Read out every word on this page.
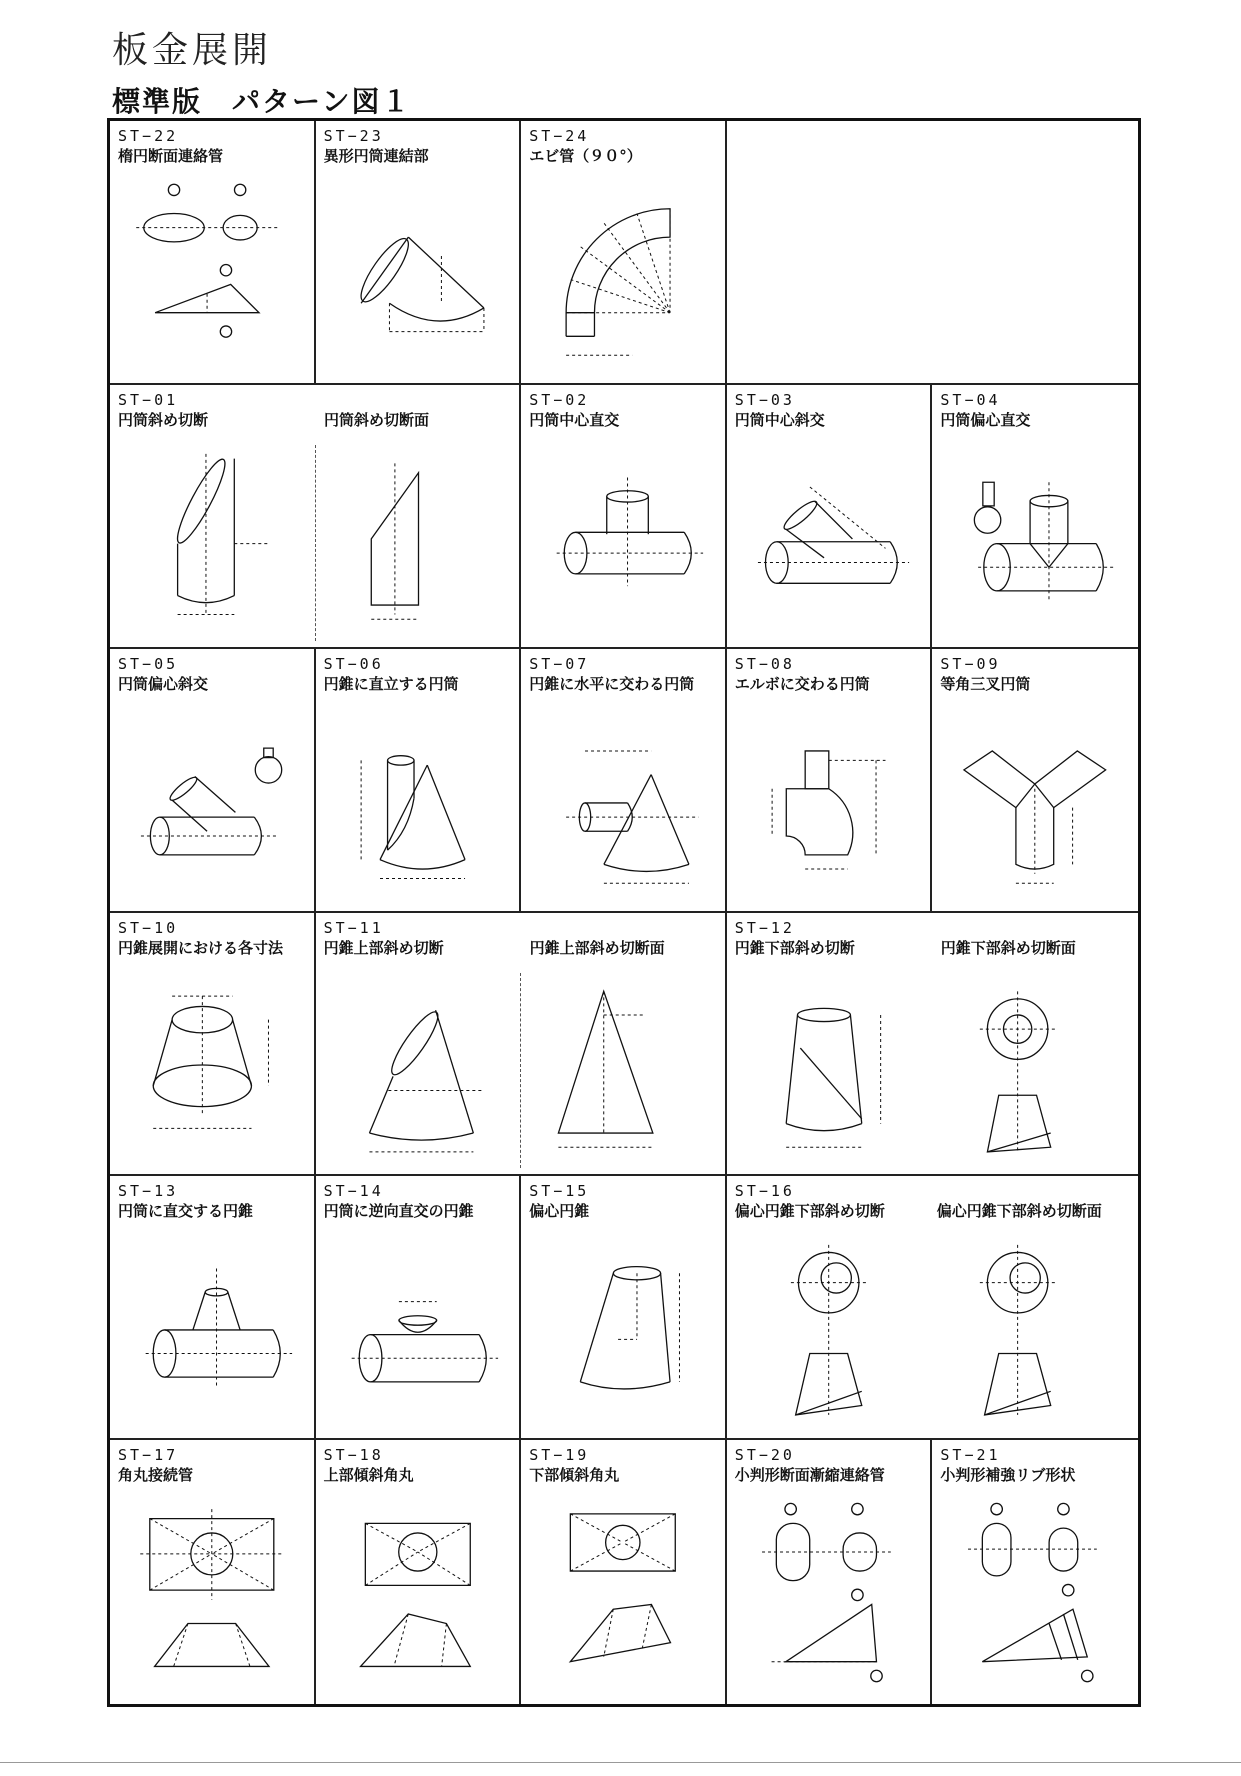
板金展開
標準版　パターン図１
ST−22
楕円断面連絡管
ST−23
異形円筒連結部
ST−24
エビ管（９０°）
ST−01
円筒斜め切断	円筒斜め切断面
ST−02
円筒中心直交
ST−03
円筒中心斜交
ST−04
円筒偏心直交
ST−05
円筒偏心斜交
ST−06
円錐に直立する円筒
ST−07
円錐に水平に交わる円筒
ST−08
エルボに交わる円筒
ST−09
等角三叉円筒
ST−10
円錐展開における各寸法
ST−11
円錐上部斜め切断	円錐上部斜め切断面
ST−12
円錐下部斜め切断	円錐下部斜め切断面
ST−13
円筒に直交する円錐
ST−14
円筒に逆向直交の円錐
ST−15
偏心円錐
ST−16
偏心円錐下部斜め切断	偏心円錐下部斜め切断面
ST−17
角丸接続管
ST−18
上部傾斜角丸
ST−19
下部傾斜角丸
ST−20
小判形断面漸縮連絡管
ST−21
小判形補強リブ形状
